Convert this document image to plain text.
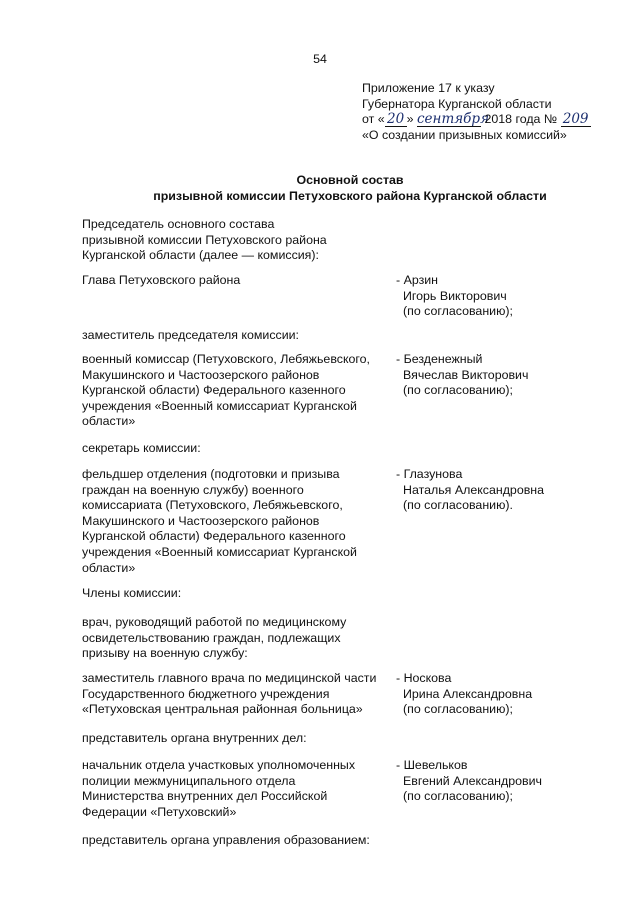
54

Приложение 17 к указу

Губернатора Курганской области

от « 20 » сентября 2018 года № 209

«О создании призывных комиссий»

Основной состав

призывной комиссии Петуховского района Курганской области

Председатель основного состава

призывной комиссии Петуховского района

Курганской области (далее — комиссия):

Глава Петуховского района	- Арзин

Игорь Викторович

(по согласованию);

заместитель председателя комиссии:

военный комиссар (Петуховского, Лебяжьевского,

Макушинского и Частоозерского районов

Курганской области) Федерального казенного

учреждения «Военный комиссариат Курганской

области»

- Безденежный

Вячеслав Викторович

(по согласованию);

секретарь комиссии:

фельдшер отделения (подготовки и призыва

граждан на военную службу) военного

комиссариата (Петуховского, Лебяжьевского,

Макушинского и Частоозерского районов

Курганской области) Федерального казенного

учреждения «Военный комиссариат Курганской

области»

- Глазунова

Наталья Александровна

(по согласованию).

Члены комиссии:

врач, руководящий работой по медицинскому

освидетельствованию граждан, подлежащих

призыву на военную службу:

заместитель главного врача по медицинской части

Государственного бюджетного учреждения

«Петуховская центральная районная больница»

- Носкова

Ирина Александровна

(по согласованию);

представитель органа внутренних дел:

начальник отдела участковых уполномоченных

полиции межмуниципального отдела

Министерства внутренних дел Российской

Федерации «Петуховский»

- Шевельков

Евгений Александрович

(по согласованию);

представитель органа управления образованием:
